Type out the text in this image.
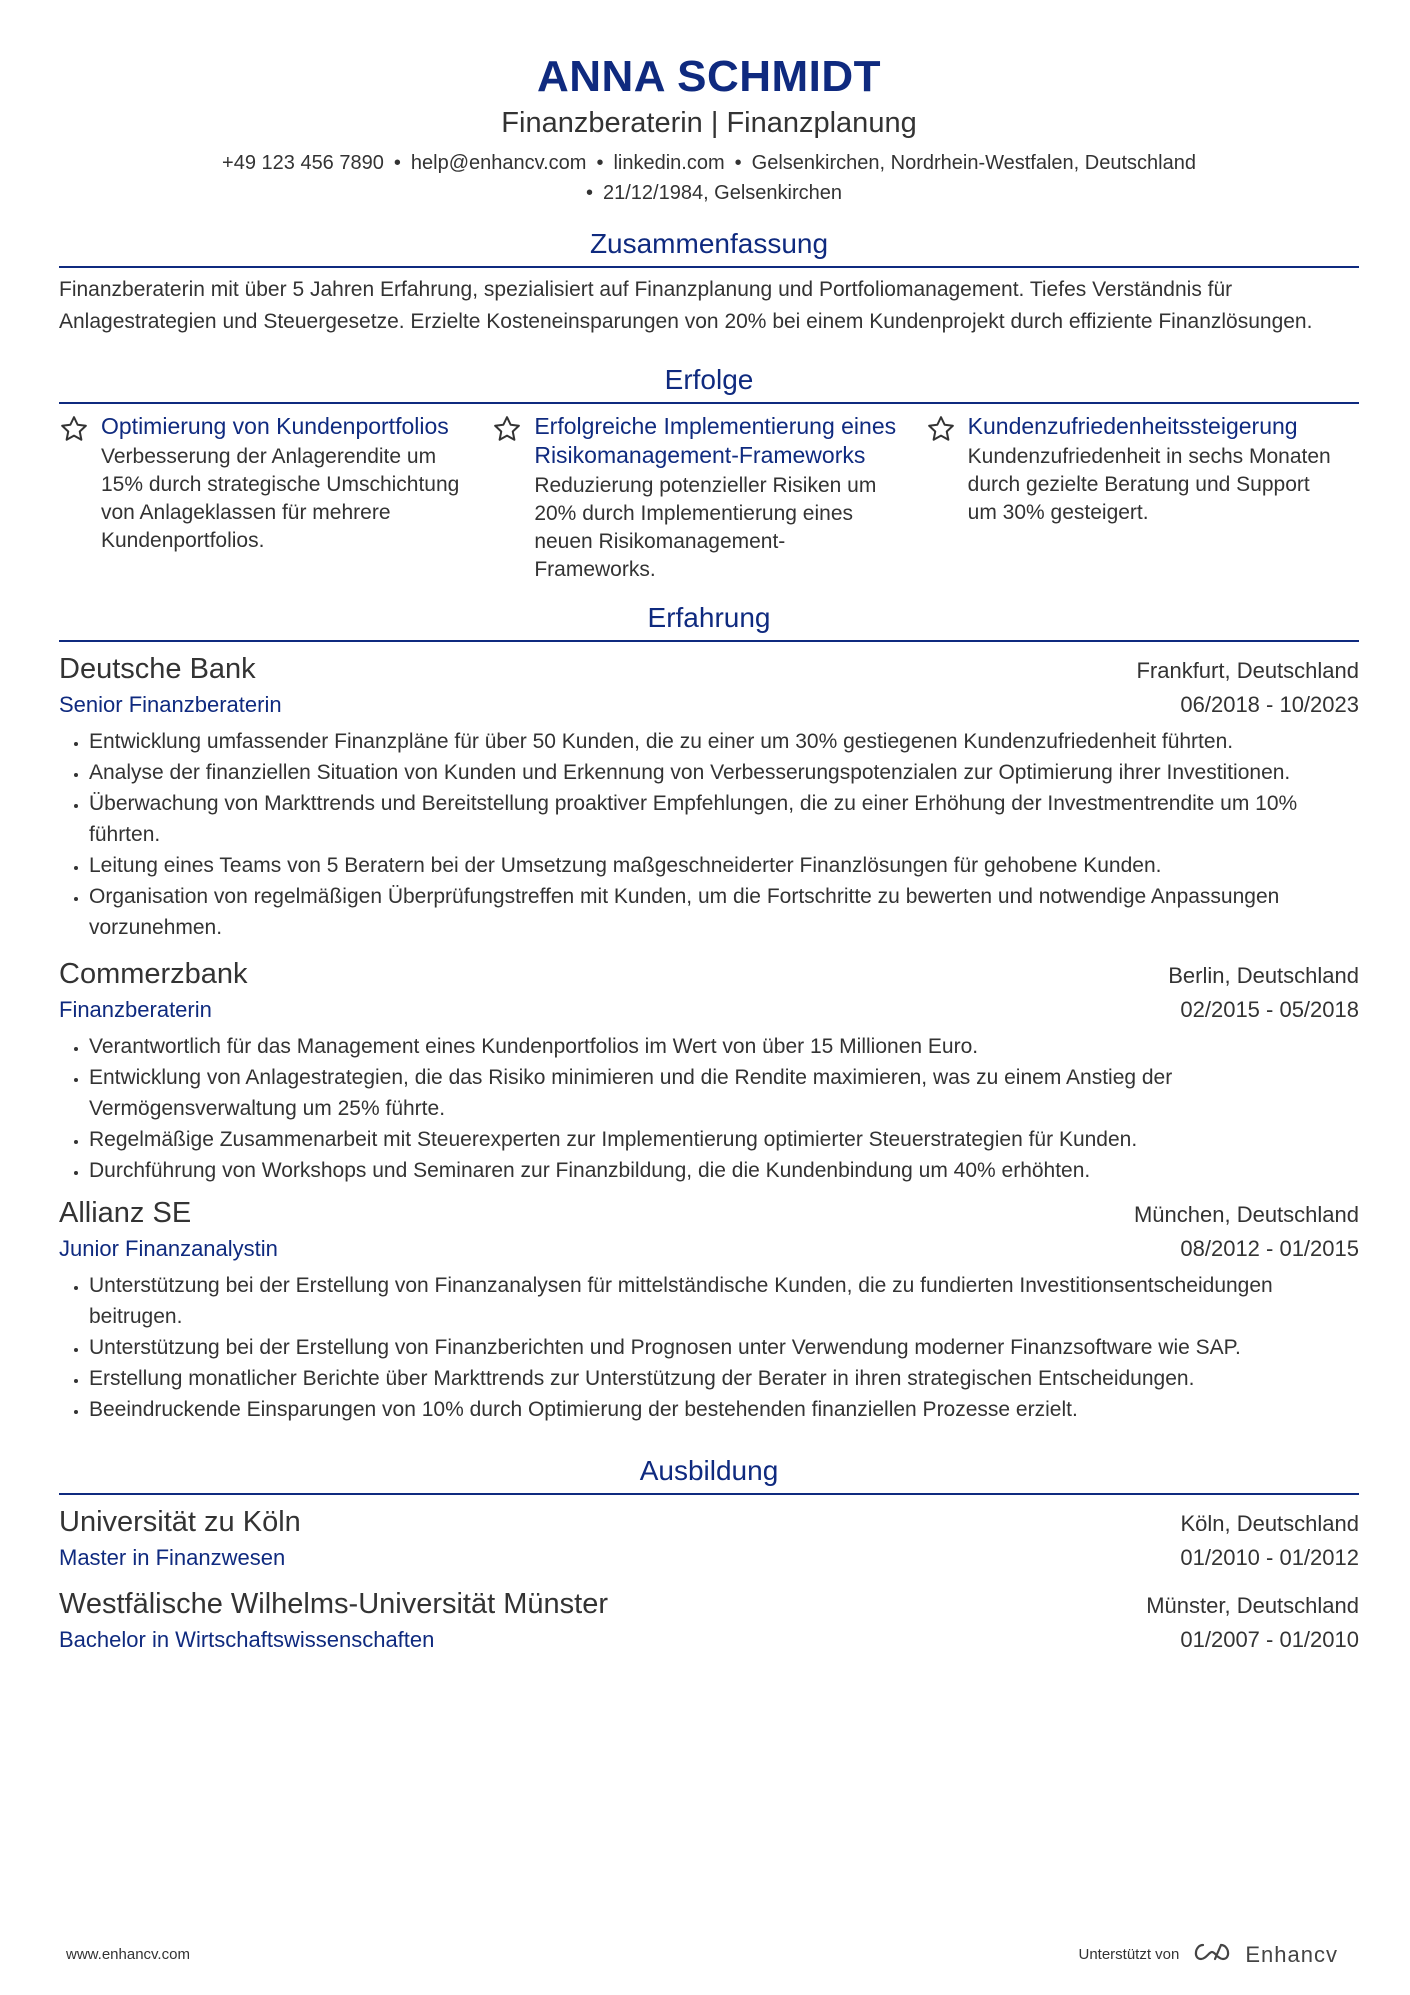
ANNA SCHMIDT
Finanzberaterin | Finanzplanung
+49 123 456 7890 • help@enhancv.com • linkedin.com • Gelsenkirchen, Nordrhein-Westfalen, Deutschland
• 21/12/1984, Gelsenkirchen
Zusammenfassung
Finanzberaterin mit über 5 Jahren Erfahrung, spezialisiert auf Finanzplanung und Portfoliomanagement. Tiefes Verständnis für Anlagestrategien und Steuergesetze. Erzielte Kosteneinsparungen von 20% bei einem Kundenprojekt durch effiziente Finanzlösungen.
Erfolge
Optimierung von Kundenportfolios
Verbesserung der Anlagerendite um 15% durch strategische Umschichtung von Anlageklassen für mehrere Kundenportfolios.
Erfolgreiche Implementierung eines Risikomanagement-Frameworks
Reduzierung potenzieller Risiken um 20% durch Implementierung eines neuen Risikomanagement-Frameworks.
Kundenzufriedenheitssteigerung
Kundenzufriedenheit in sechs Monaten durch gezielte Beratung und Support um 30% gesteigert.
Erfahrung
Deutsche Bank	Frankfurt, Deutschland
Senior Finanzberaterin	06/2018 - 10/2023
• Entwicklung umfassender Finanzpläne für über 50 Kunden, die zu einer um 30% gestiegenen Kundenzufriedenheit führten.
• Analyse der finanziellen Situation von Kunden und Erkennung von Verbesserungspotenzialen zur Optimierung ihrer Investitionen.
• Überwachung von Markttrends und Bereitstellung proaktiver Empfehlungen, die zu einer Erhöhung der Investmentrendite um 10% führten.
• Leitung eines Teams von 5 Beratern bei der Umsetzung maßgeschneiderter Finanzlösungen für gehobene Kunden.
• Organisation von regelmäßigen Überprüfungstreffen mit Kunden, um die Fortschritte zu bewerten und notwendige Anpassungen vorzunehmen.
Commerzbank	Berlin, Deutschland
Finanzberaterin	02/2015 - 05/2018
• Verantwortlich für das Management eines Kundenportfolios im Wert von über 15 Millionen Euro.
• Entwicklung von Anlagestrategien, die das Risiko minimieren und die Rendite maximieren, was zu einem Anstieg der Vermögensverwaltung um 25% führte.
• Regelmäßige Zusammenarbeit mit Steuerexperten zur Implementierung optimierter Steuerstrategien für Kunden.
• Durchführung von Workshops und Seminaren zur Finanzbildung, die die Kundenbindung um 40% erhöhten.
Allianz SE	München, Deutschland
Junior Finanzanalystin	08/2012 - 01/2015
• Unterstützung bei der Erstellung von Finanzanalysen für mittelständische Kunden, die zu fundierten Investitionsentscheidungen beitrugen.
• Unterstützung bei der Erstellung von Finanzberichten und Prognosen unter Verwendung moderner Finanzsoftware wie SAP.
• Erstellung monatlicher Berichte über Markttrends zur Unterstützung der Berater in ihren strategischen Entscheidungen.
• Beeindruckende Einsparungen von 10% durch Optimierung der bestehenden finanziellen Prozesse erzielt.
Ausbildung
Universität zu Köln	Köln, Deutschland
Master in Finanzwesen	01/2010 - 01/2012
Westfälische Wilhelms-Universität Münster	Münster, Deutschland
Bachelor in Wirtschaftswissenschaften	01/2007 - 01/2010
www.enhancv.com	Unterstützt von	Enhancv
